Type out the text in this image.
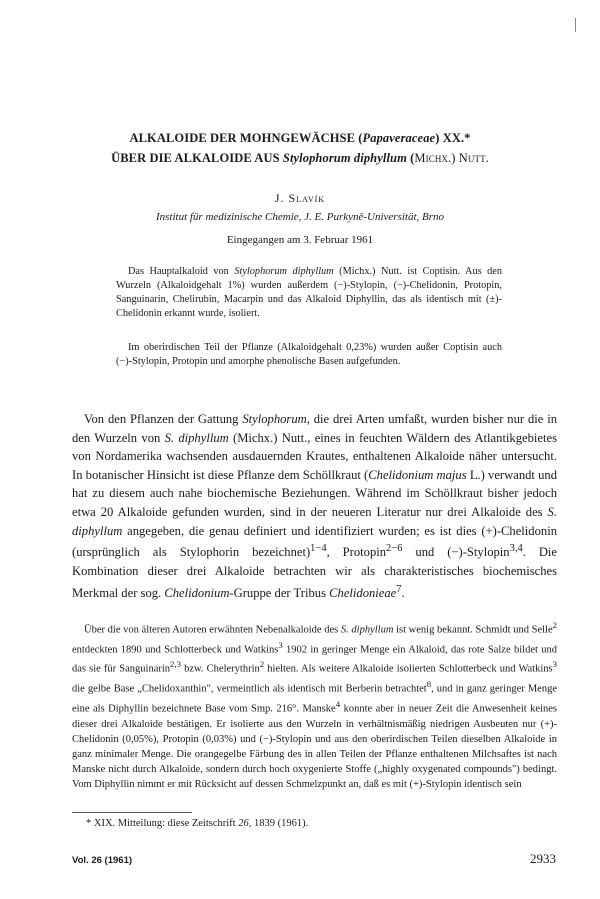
ALKALOIDE DER MOHNGEWÄCHSE (Papaveraceae) XX.*
ÜBER DIE ALKALOIDE AUS Stylophorum diphyllum (Michx.) Nutt.
J. Slavík
Institut für medizinische Chemie, J. E. Purkyně-Universität, Brno
Eingegangen am 3. Februar 1961

Das Hauptalkaloid von Stylophorum diphyllum (Michx.) Nutt. ist Coptisin. Aus den Wurzeln (Alkaloidgehalt 1%) wurden außerdem (−)-Stylopin, (−)-Chelidonin, Protopin, Sanguinarin, Chelirubin, Macarpin und das Alkaloid Diphyllin, das als identisch mit (±)-Chelidonin erkannt wurde, isoliert.

Im oberirdischen Teil der Pflanze (Alkaloidgehalt 0,23%) wurden außer Coptisin auch (−)-Stylopin, Protopin und amorphe phenolische Basen aufgefunden.

Von den Pflanzen der Gattung Stylophorum, die drei Arten umfaßt, wurden bisher nur die in den Wurzeln von S. diphyllum (Michx.) Nutt., eines in feuchten Wäldern des Atlantikgebietes von Nordamerika wachsenden ausdauernden Krautes, enthaltenen Alkaloide näher untersucht. In botanischer Hinsicht ist diese Pflanze dem Schöllkraut (Chelidonium majus L.) verwandt und hat zu diesem auch nahe biochemische Beziehungen. Während im Schöllkraut bisher jedoch etwa 20 Alkaloide gefunden wurden, sind in der neueren Literatur nur drei Alkaloide des S. diphyllum angegeben, die genau definiert und identifiziert wurden; es ist dies (+)-Chelidonin (ursprünglich als Stylophorin bezeichnet)$^{1-4}$, Protopin$^{2-6}$ und (−)-Stylopin$^{3,4}$. Die Kombination dieser drei Alkaloide betrachten wir als charakteristisches biochemisches Merkmal der sog. Chelidonium-Gruppe der Tribus Chelidonieae$^7$.

Über die von älteren Autoren erwähnten Nebenalkaloide des S. diphyllum ist wenig bekannt. Schmidt und Selle$^2$ entdeckten 1890 und Schlotterbeck und Watkins$^3$ 1902 in geringer Menge ein Alkaloid, das rote Salze bildet und das sie für Sanguinarin$^{2,3}$ bzw. Chelerythrin$^2$ hielten. Als weitere Alkaloide isolierten Schlotterbeck und Watkins$^3$ die gelbe Base „Chelidoxanthin", vermeintlich als identisch mit Berberin betrachtet$^8$, und in ganz geringer Menge eine als Diphyllin bezeichnete Base vom Smp. 216°. Manske$^4$ konnte aber in neuer Zeit die Anwesenheit keines dieser drei Alkaloide bestätigen. Er isolierte aus den Wurzeln in verhältnismäßig niedrigen Ausbeuten nur (+)-Chelidonin (0,05%), Protopin (0,03%) und (−)-Stylopin und aus den oberirdischen Teilen dieselben Alkaloide in ganz minimaler Menge. Die orangegelbe Färbung des in allen Teilen der Pflanze enthaltenen Milchsaftes ist nach Manske nicht durch Alkaloide, sondern durch hoch oxygenierte Stoffe („highly oxygenated compounds") bedingt. Vom Diphyllin nimmt er mit Rücksicht auf dessen Schmelzpunkt an, daß es mit (+)-Stylopin identisch sein

* XIX. Mitteilung: diese Zeitschrift 26, 1839 (1961).
Vol. 26 (1961)	2933
